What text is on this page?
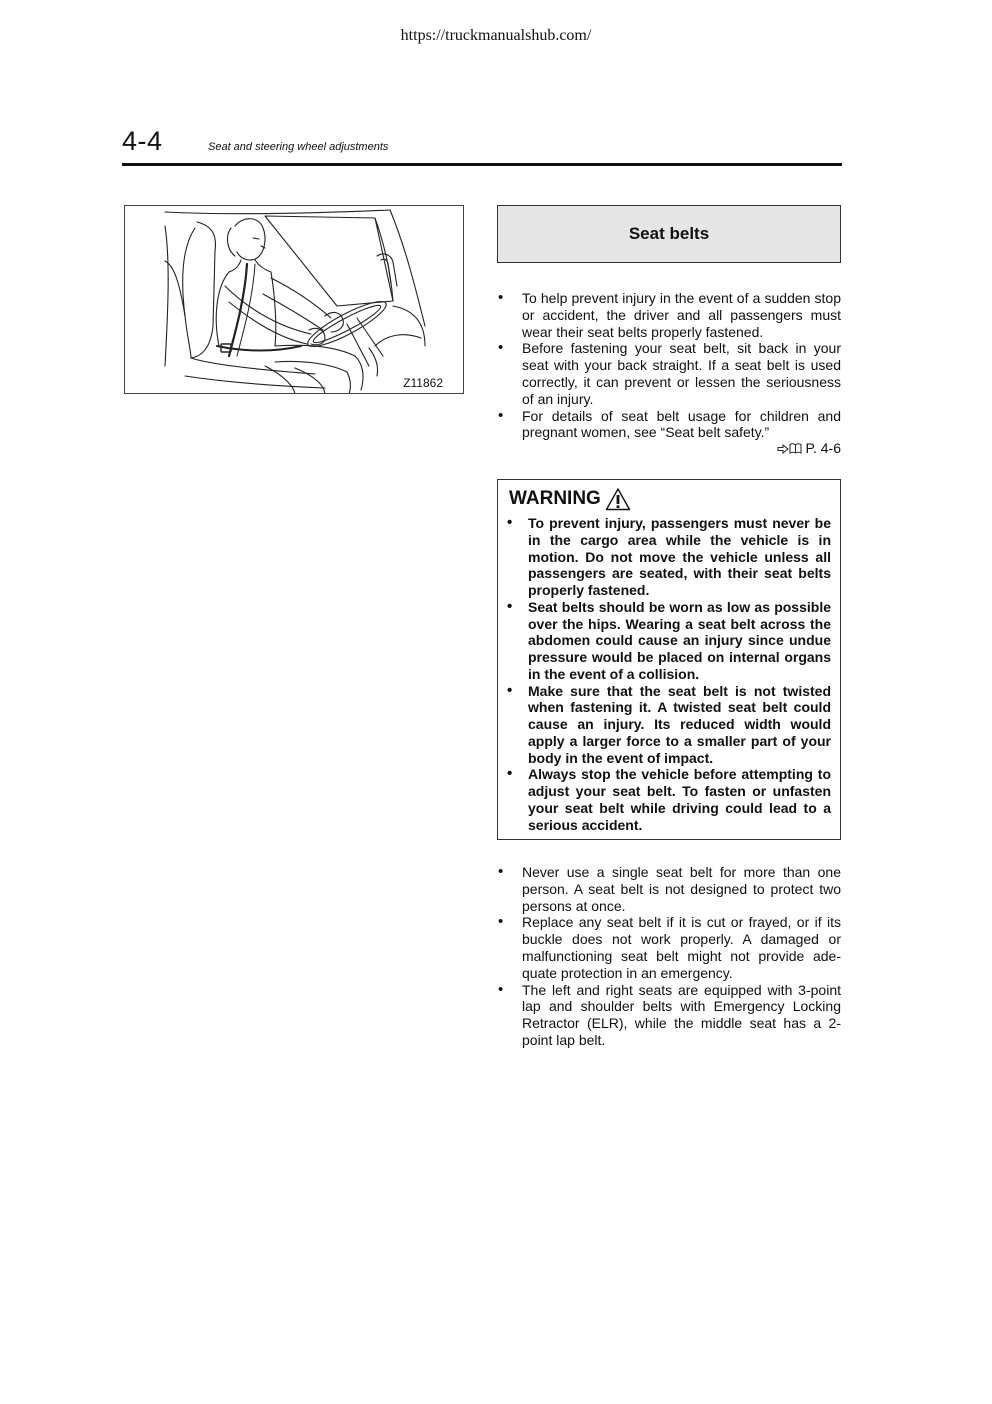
https://truckmanualshub.com/
4-4	Seat and steering wheel adjustments
Z11862
Seat belts
• To help prevent injury in the event of a sudden stop or accident, the driver and all passengers must wear their seat belts properly fastened.
• Before fastening your seat belt, sit back in your seat with your back straight. If a seat belt is used correctly, it can prevent or lessen the seriousness of an injury.
• For details of seat belt usage for children and pregnant women, see “Seat belt safety.”
P. 4-6
WARNING
• To prevent injury, passengers must never be in the cargo area while the vehicle is in motion. Do not move the vehicle unless all passengers are seated, with their seat belts properly fastened.
• Seat belts should be worn as low as possible over the hips. Wearing a seat belt across the abdomen could cause an injury since undue pressure would be placed on internal organs in the event of a collision.
• Make sure that the seat belt is not twisted when fastening it. A twisted seat belt could cause an injury. Its reduced width would apply a larger force to a smaller part of your body in the event of impact.
• Always stop the vehicle before attempting to adjust your seat belt. To fasten or unfasten your seat belt while driving could lead to a serious accident.
• Never use a single seat belt for more than one person. A seat belt is not designed to protect two persons at once.
• Replace any seat belt if it is cut or frayed, or if its buckle does not work properly. A damaged or malfunctioning seat belt might not provide adequate protection in an emergency.
• The left and right seats are equipped with 3-point lap and shoulder belts with Emergency Locking Retractor (ELR), while the middle seat has a 2-point lap belt.
